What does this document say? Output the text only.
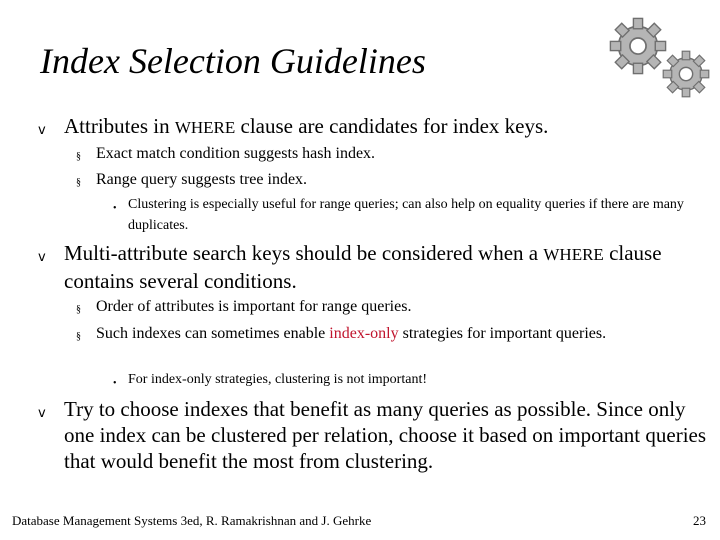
Index Selection Guidelines
v Attributes in WHERE clause are candidates for index keys.
§ Exact match condition suggests hash index.
§ Range query suggests tree index.
• Clustering is especially useful for range queries; can also help on equality queries if there are many duplicates.
v Multi-attribute search keys should be considered when a WHERE clause contains several conditions.
§ Order of attributes is important for range queries.
§ Such indexes can sometimes enable index-only strategies for important queries.
• For index-only strategies, clustering is not important!
v Try to choose indexes that benefit as many queries as possible. Since only one index can be clustered per relation, choose it based on important queries that would benefit the most from clustering.
Database Management Systems 3ed, R. Ramakrishnan and J. Gehrke	23
